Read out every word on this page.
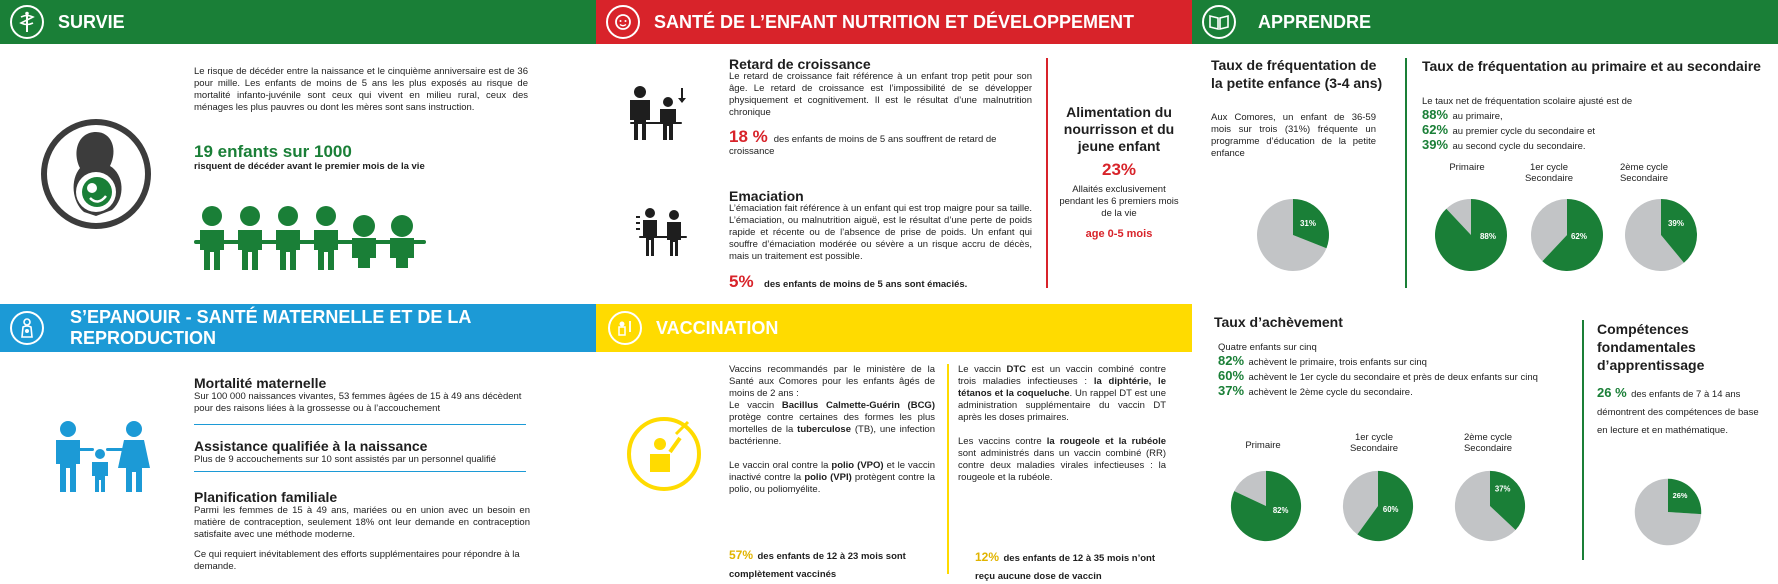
SURVIE	SANTÉ DE L’ENFANT NUTRITION ET DÉVELOPPEMENT	APPRENDRE
S’EPANOUIR - SANTÉ MATERNELLE ET DE LA REPRODUCTION
VACCINATION
Le risque de décéder entre la naissance et le cinquième anniversaire est de 36 pour mille. Les enfants de moins de 5 ans les plus exposés au risque de mortalité infanto-juvénile sont ceux qui vivent en milieu rural, ceux des ménages les plus pauvres ou dont les mères sont sans instruction.
19 enfants sur 1000
risquent de décéder avant le premier mois de la vie
Retard de croissance
Le retard de croissance fait référence à un enfant trop petit pour son âge. Le retard de croissance est l’impossibilité de se développer physiquement et cognitivement. Il est le résultat d’une malnutrition chronique
18 % des enfants de moins de 5 ans souffrent de retard de croissance
Emaciation
L’émaciation fait référence à un enfant qui est trop maigre pour sa taille. L’émaciation, ou malnutrition aiguë, est le résultat d’une perte de poids rapide et récente ou de l’absence de prise de poids. Un enfant qui souffre d’émaciation modérée ou sévère a un risque accru de décès, mais un traitement est possible.
5% des enfants de moins de 5 ans sont émaciés.
Alimentation du nourrisson et du jeune enfant
23%
Allaités exclusivement pendant les 6 premiers mois de la vie
age 0-5 mois
Taux de fréquentation de la petite enfance (3-4 ans)
Aux Comores, un enfant de 36-59 mois sur trois (31%) fréquente un programme d’éducation de la petite enfance
31%
Taux de fréquentation au primaire et au secondaire
Le taux net de fréquentation scolaire ajusté est de
88% au primaire,
62% au premier cycle du secondaire et
39% au second cycle du secondaire.
Primaire	1er cycle Secondaire
2ème cycle Secondaire
88%	62%
39%
Taux d’achèvement
Quatre enfants sur cinq
82% achèvent le primaire, trois enfants sur cinq
60% achèvent le 1er cycle du secondaire et près de deux enfants sur cinq
37% achèvent le 2ème cycle du secondaire.
Primaire
1er cycle Secondaire
2ème cycle Secondaire
82%	60%
37%
Compétences fondamentales d’apprentissage
26 % des enfants de 7 à 14 ans démontrent des compétences de base en lecture et en mathématique.
26%
Mortalité maternelle
Sur 100 000 naissances vivantes, 53 femmes âgées de 15 à 49 ans décèdent pour des raisons liées à la grossesse ou à l’accouchement
Assistance qualifiée à la naissance
Plus de 9 accouchements sur 10 sont assistés par un personnel qualifié
Planification familiale
Parmi les femmes de 15 à 49 ans, mariées ou en union avec un besoin en matière de contraception, seulement 18% ont leur demande en contraception satisfaite avec une méthode moderne.
Ce qui requiert inévitablement des efforts supplémentaires pour répondre à la demande.
Vaccins recommandés par le ministère de la Santé aux Comores pour les enfants âgés de moins de 2 ans :
Le vaccin Bacillus Calmette-Guérin (BCG) protège contre certaines des formes les plus mortelles de la tuberculose (TB), une infection bactérienne.
Le vaccin oral contre la polio (VPO) et le vaccin inactivé contre la polio (VPI) protègent contre la polio, ou poliomyélite.
57% des enfants de 12 à 23 mois sont complètement vaccinés
Le vaccin DTC est un vaccin combiné contre trois maladies infectieuses : la diphtérie, le tétanos et la coqueluche. Un rappel DT est une administration supplémentaire du vaccin DT après les doses primaires.
Les vaccins contre la rougeole et la rubéole sont administrés dans un vaccin combiné (RR) contre deux maladies virales infectieuses : la rougeole et la rubéole.
12% des enfants de 12 à 35 mois n’ont reçu aucune dose de vaccin
